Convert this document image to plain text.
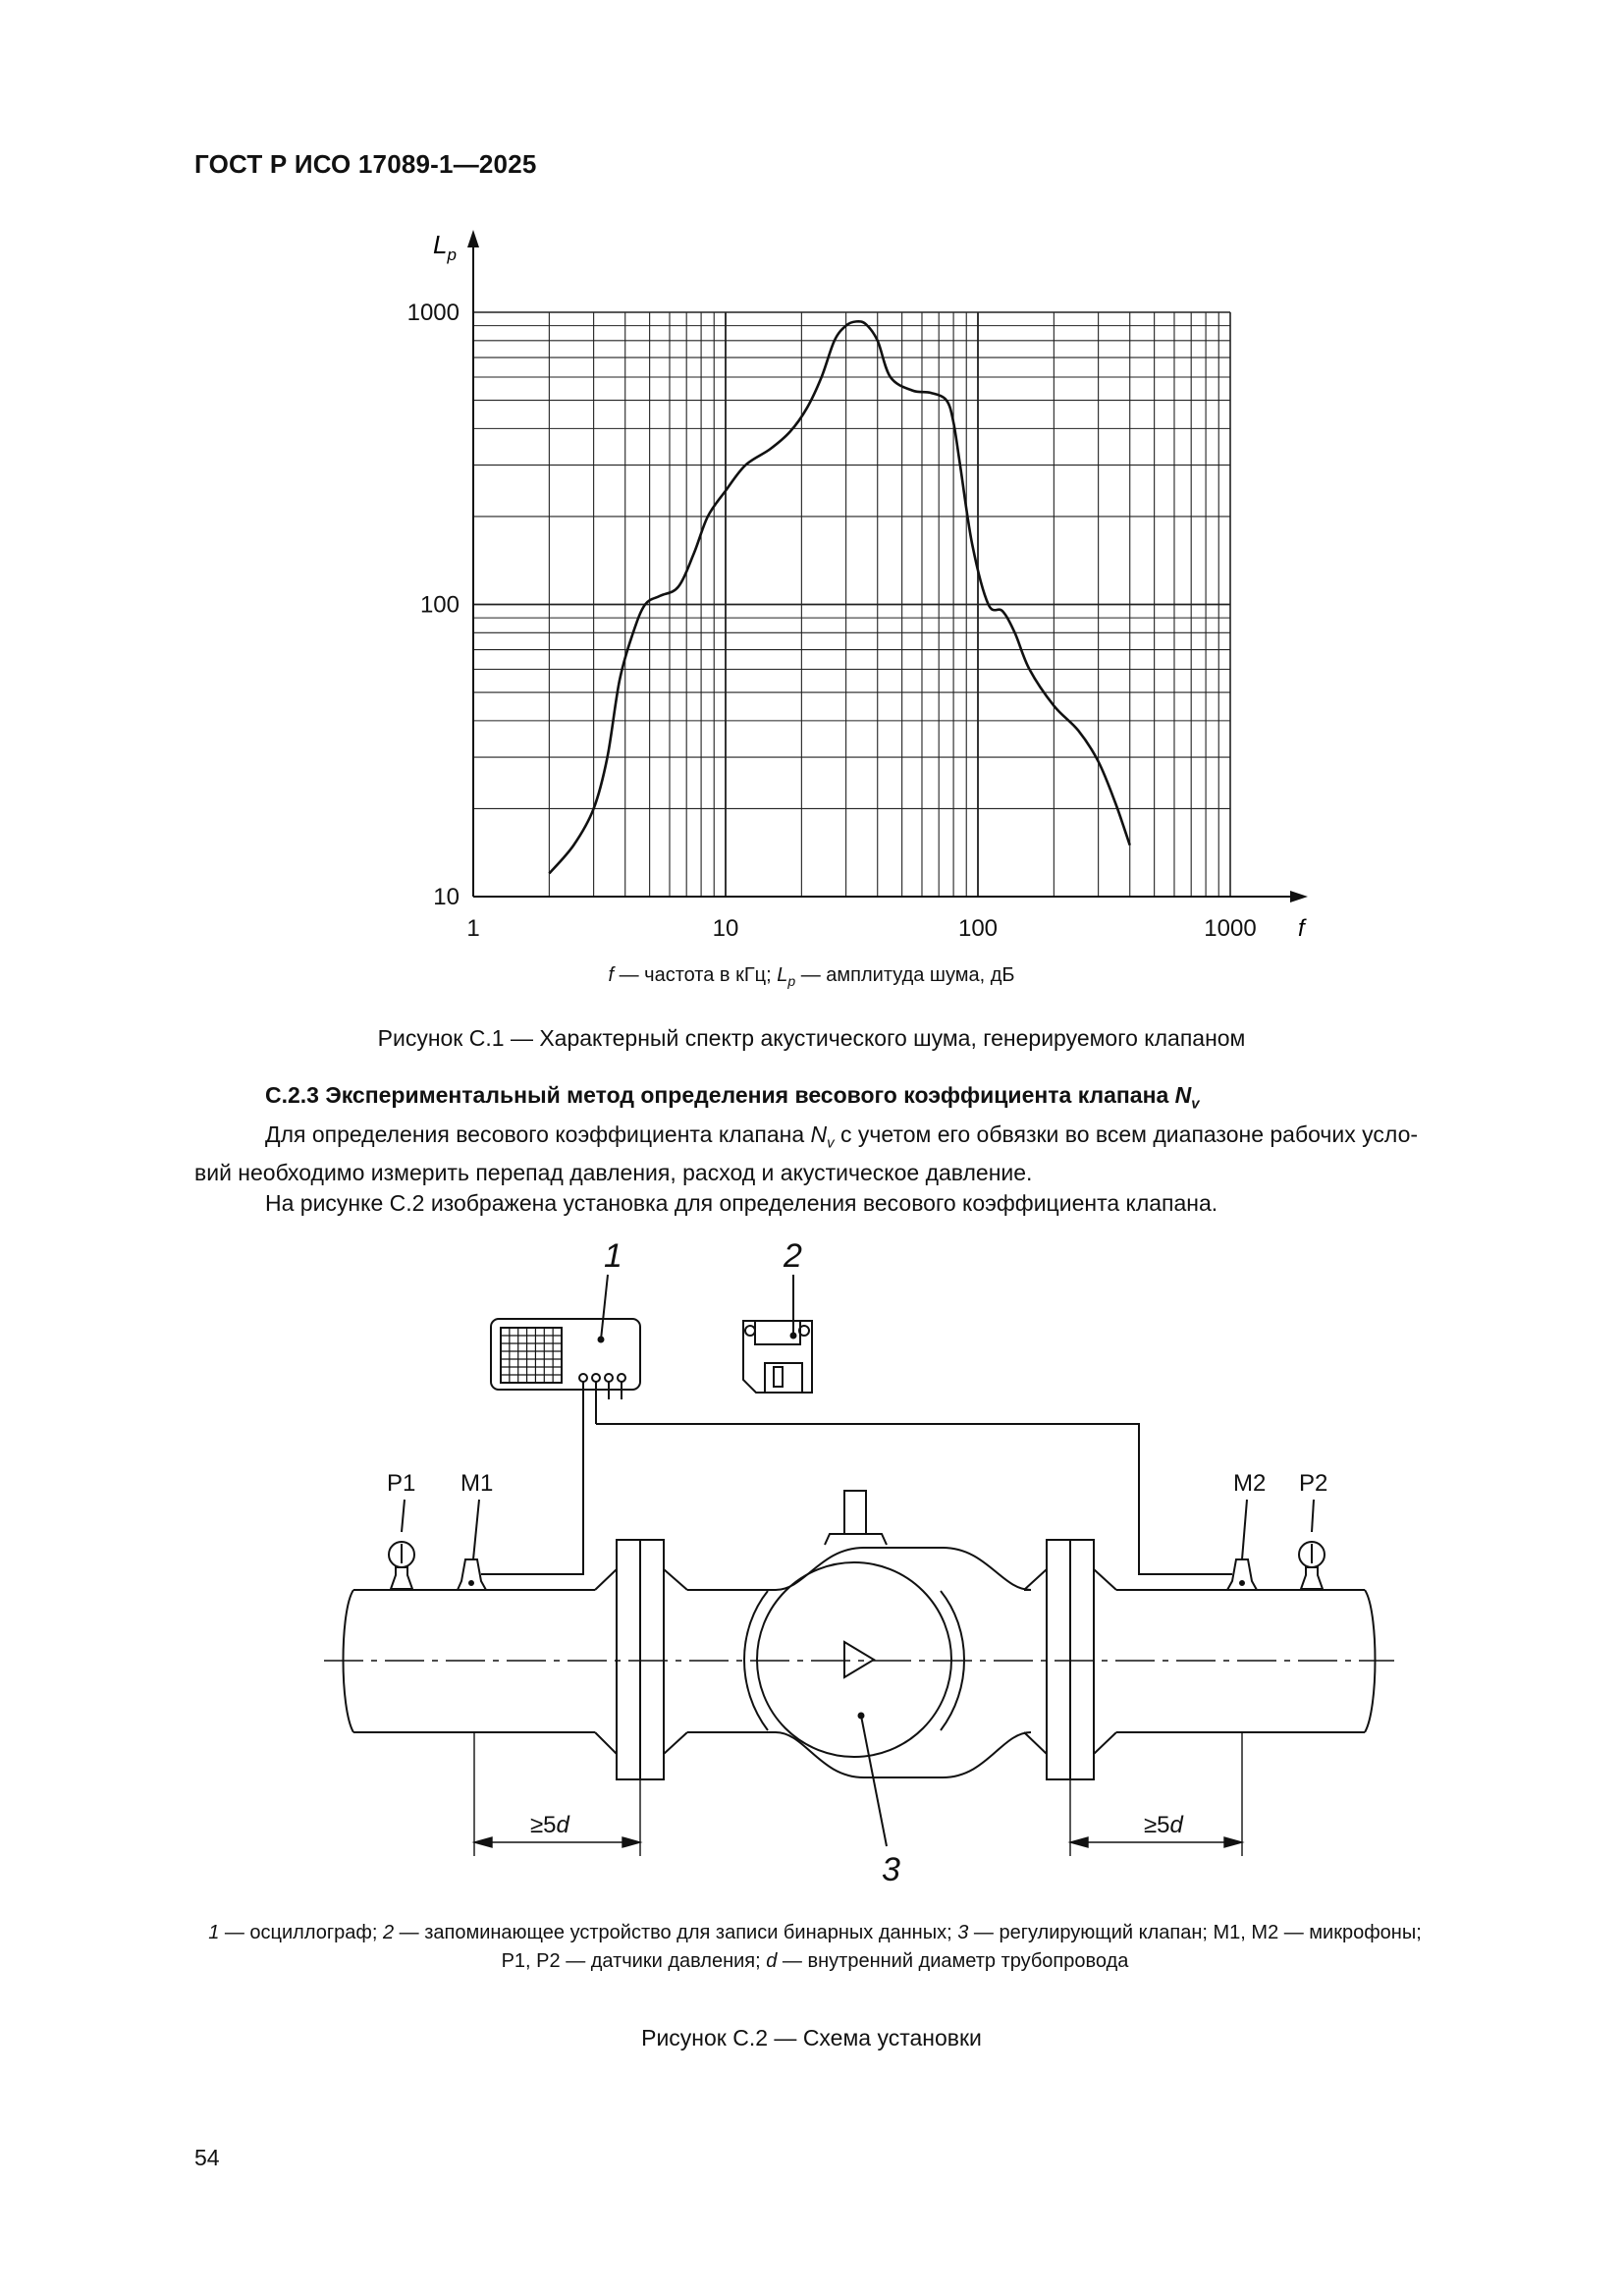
ГОСТ Р ИСО 17089-1—2025
1	10	100	1000
10
100
1000
$L_p$
f
f — частота в кГц; $L_p$ — амплитуда шума, дБ
Рисунок С.1 — Характерный спектр акустического шума, генерируемого клапаном
С.2.3 Экспериментальный метод определения весового коэффициента клапана $N_v$
Для определения весового коэффициента клапана $N_v$ с учетом его обвязки во всем диапазоне рабочих усло-
вий необходимо измерить перепад давления, расход и акустическое давление.
На рисунке С.2 изображена установка для определения весового коэффициента клапана.
1	2
3
P1 M1	M2 P2
≥5d	≥5d
1 — осциллограф; 2 — запоминающее устройство для записи бинарных данных; 3 — регулирующий клапан; М1, М2 — микрофоны;
Р1, Р2 — датчики давления; d — внутренний диаметр трубопровода
Рисунок С.2 — Схема установки
54
